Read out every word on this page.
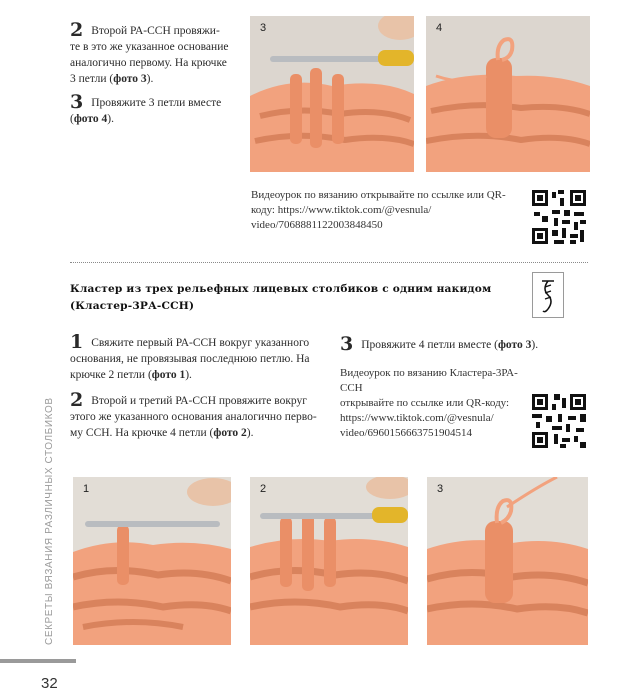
2 Второй РА-ССН провяжи-
те в это же указанное основание
аналогично первому. На крючке
3 петли (фото 3).
3 Провяжите 3 петли вместе
(фото 4).
3	4
Видеоурок по вязанию открывайте по ссылке или QR-
коду: https://www.tiktok.com/@vesnula/
video/7068881122003848450
Кластер из трех рельефных лицевых столбиков с одним накидом
(Кластер-3РА-ССН)
1 Свяжите первый РА-ССН вокруг указанного
основания, не провязывая последнюю петлю. На
крючке 2 петли (фото 1).
2 Второй и третий РА-ССН провяжите вокруг
этого же указанного основания аналогично перво-
му ССН. На крючке 4 петли (фото 2).
3 Провяжите 4 петли вместе (фото 3).
Видеоурок по вязанию Кластера-3РА-ССН
открывайте по ссылке или QR-коду:
https://www.tiktok.com/@vesnula/
video/6960156663751904514
1	2	3
СЕКРЕТЫ ВЯЗАНИЯ РАЗЛИЧНЫХ СТОЛБИКОВ
32
